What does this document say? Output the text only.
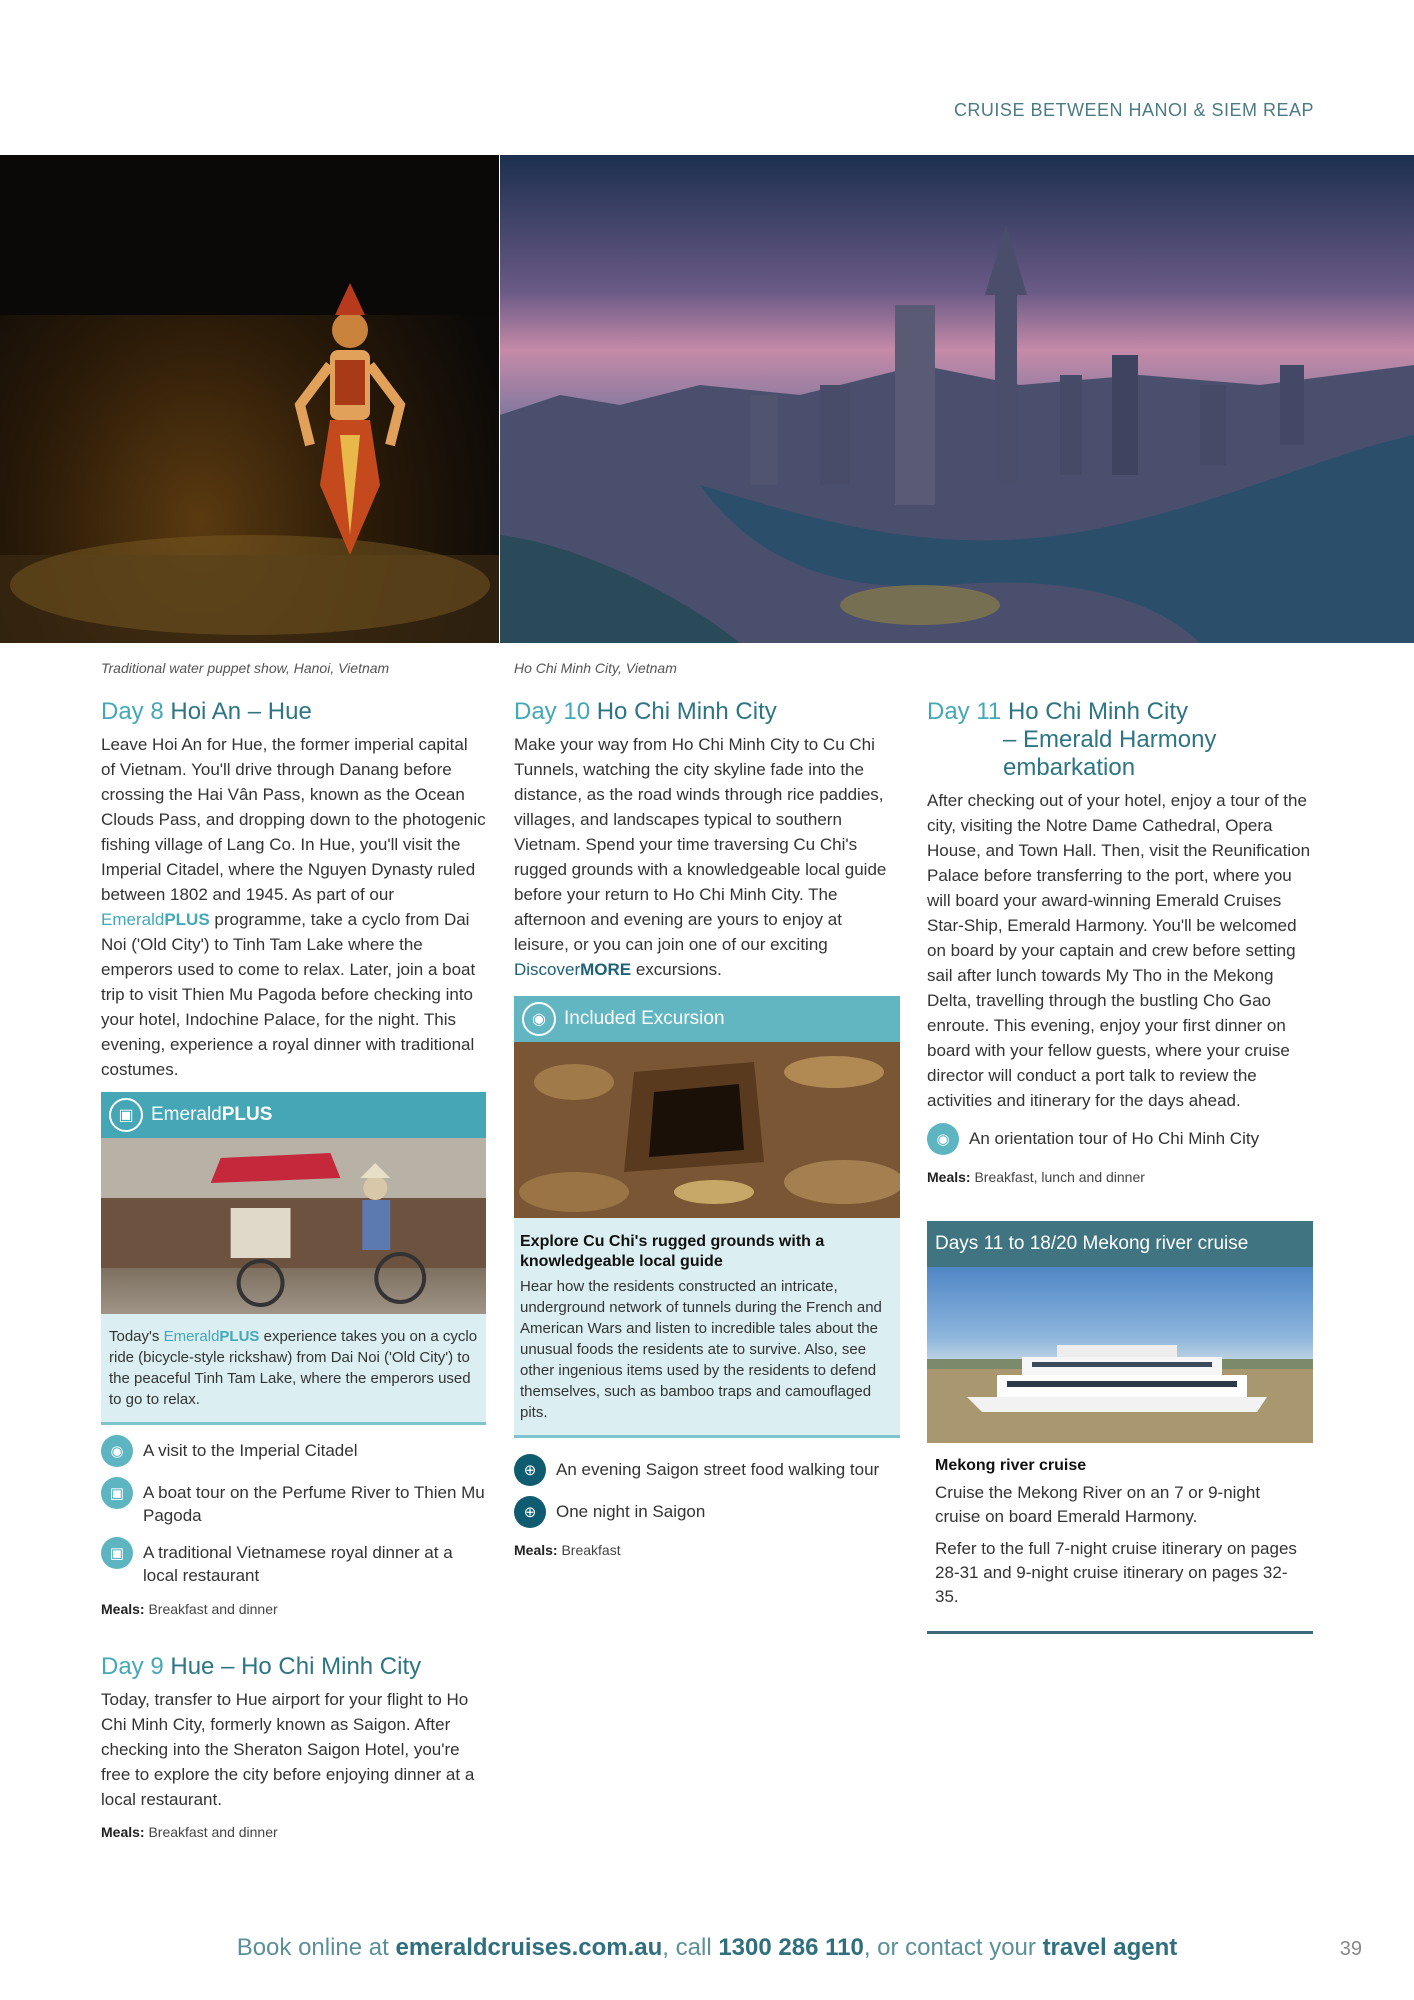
CRUISE BETWEEN HANOI & SIEM REAP
Traditional water puppet show, Hanoi, Vietnam	Ho Chi Minh City, Vietnam
Day 8 Hoi An – Hue
Leave Hoi An for Hue, the former imperial capital of Vietnam. You'll drive through Danang before crossing the Hai Vân Pass, known as the Ocean Clouds Pass, and dropping down to the photogenic fishing village of Lang Co. In Hue, you'll visit the Imperial Citadel, where the Nguyen Dynasty ruled between 1802 and 1945. As part of our EmeraldPLUS programme, take a cyclo from Dai Noi ('Old City') to Tinh Tam Lake where the emperors used to come to relax. Later, join a boat trip to visit Thien Mu Pagoda before checking into your hotel, Indochine Palace, for the night. This evening, experience a royal dinner with traditional costumes.
▣ Emerald PLUS
Today's EmeraldPLUS experience takes you on a cyclo ride (bicycle-style rickshaw) from Dai Noi ('Old City') to the peaceful Tinh Tam Lake, where the emperors used to go to relax.
◉	A visit to the Imperial Citadel
▣	A boat tour on the Perfume River to Thien Mu Pagoda
▣	A traditional Vietnamese royal dinner at a local restaurant
Meals: Breakfast and dinner
Day 9 Hue – Ho Chi Minh City
Today, transfer to Hue airport for your flight to Ho Chi Minh City, formerly known as Saigon. After checking into the Sheraton Saigon Hotel, you're free to explore the city before enjoying dinner at a local restaurant.
Meals: Breakfast and dinner
Day 10 Ho Chi Minh City
Make your way from Ho Chi Minh City to Cu Chi Tunnels, watching the city skyline fade into the distance, as the road winds through rice paddies, villages, and landscapes typical to southern Vietnam. Spend your time traversing Cu Chi's rugged grounds with a knowledgeable local guide before your return to Ho Chi Minh City. The afternoon and evening are yours to enjoy at leisure, or you can join one of our exciting DiscoverMORE excursions.
◉ Included Excursion
Explore Cu Chi's rugged grounds with a knowledgeable local guide

Hear how the residents constructed an intricate, underground network of tunnels during the French and American Wars and listen to incredible tales about the unusual foods the residents ate to survive. Also, see other ingenious items used by the residents to defend themselves, such as bamboo traps and camouflaged pits.

⊕	An evening Saigon street food walking tour
⊕	One night in Saigon
Meals: Breakfast
Day 11 Ho Chi Minh City
– Emerald Harmony
embarkation
After checking out of your hotel, enjoy a tour of the city, visiting the Notre Dame Cathedral, Opera House, and Town Hall. Then, visit the Reunification Palace before transferring to the port, where you will board your award-winning Emerald Cruises Star-Ship, Emerald Harmony. You'll be welcomed on board by your captain and crew before setting sail after lunch towards My Tho in the Mekong Delta, travelling through the bustling Cho Gao enroute. This evening, enjoy your first dinner on board with your fellow guests, where your cruise director will conduct a port talk to review the activities and itinerary for the days ahead.
◉	An orientation tour of Ho Chi Minh City
Meals: Breakfast, lunch and dinner
Days 11 to 18/20 Mekong river cruise
Mekong river cruise

Cruise the Mekong River on an 7 or 9-night cruise on board Emerald Harmony.

Refer to the full 7-night cruise itinerary on pages 28-31 and 9-night cruise itinerary on pages 32-35.

Book online at emeraldcruises.com.au, call 1300 286 110, or contact your travel agent	39
